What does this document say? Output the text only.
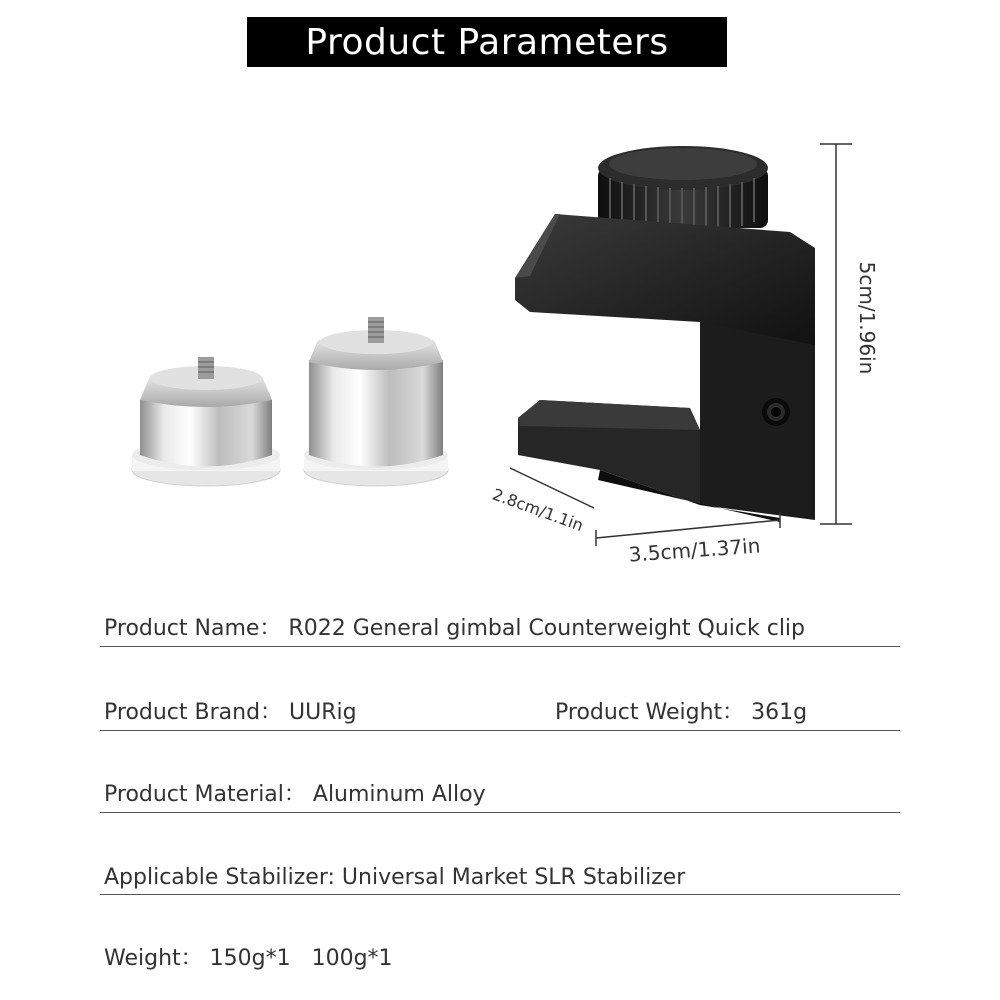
Product Parameters
5cm/1.96in
2.8cm/1.1in
3.5cm/1.37in
Product Name： R022 General gimbal Counterweight Quick clip
Product Brand： UURig	Product Weight： 361g
Product Material： Aluminum Alloy
Applicable Stabilizer: Universal Market SLR Stabilizer
Weight： 150g*1   100g*1
